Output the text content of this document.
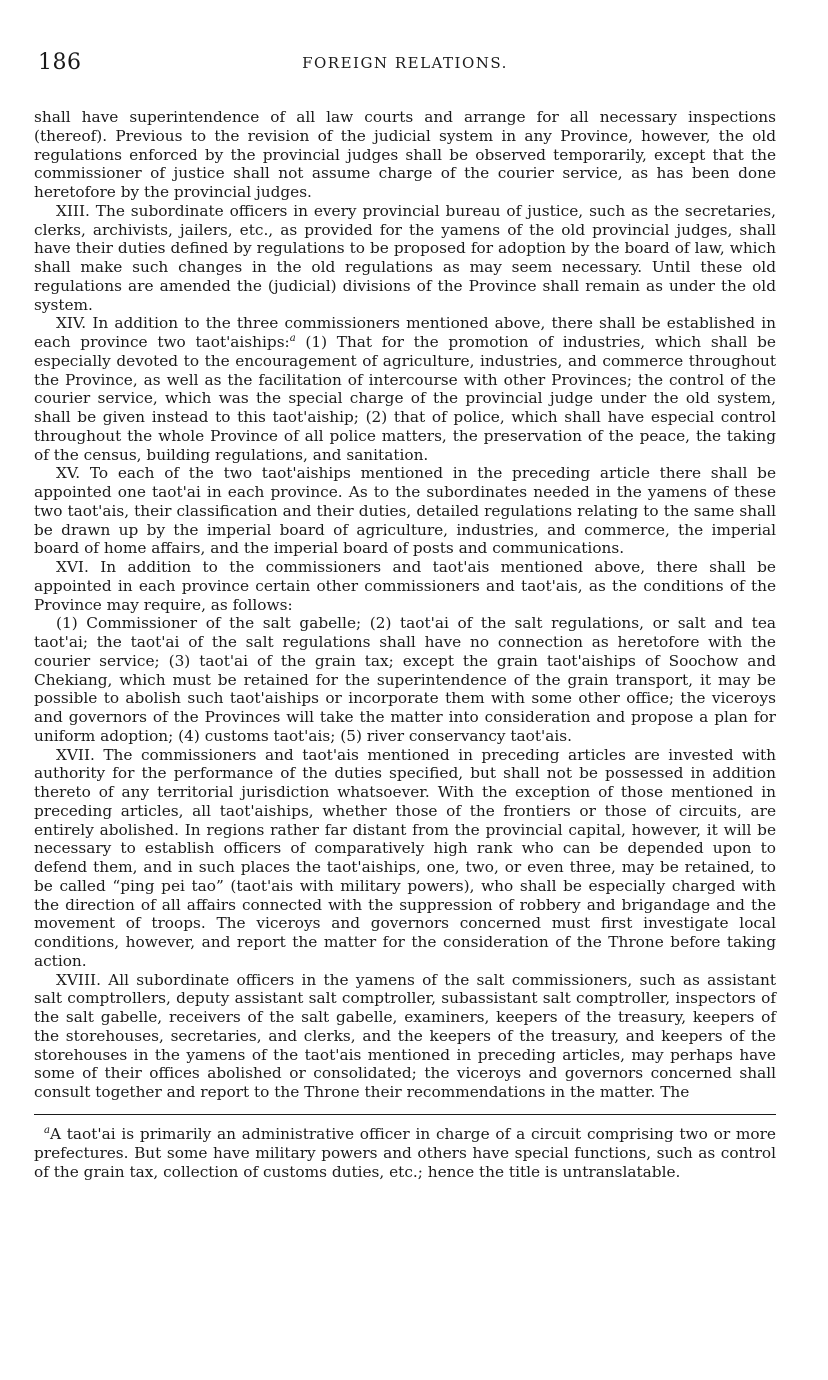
186	FOREIGN RELATIONS.

shall have superintendence of all law courts and arrange for all necessary inspections (thereof). Previous to the revision of the judicial system in any Province, however, the old regulations enforced by the provincial judges shall be observed temporarily, except that the commissioner of justice shall not assume charge of the courier service, as has been done heretofore by the provincial judges.

XIII. The subordinate officers in every provincial bureau of justice, such as the secretaries, clerks, archivists, jailers, etc., as provided for the yamens of the old provincial judges, shall have their duties defined by regulations to be proposed for adoption by the board of law, which shall make such changes in the old regulations as may seem necessary. Until these old regulations are amended the (judicial) divisions of the Province shall remain as under the old system.

XIV. In addition to the three commissioners mentioned above, there shall be established in each province two taot'aiships:$^a$ (1) That for the promotion of industries, which shall be especially devoted to the encouragement of agriculture, industries, and commerce throughout the Province, as well as the facilitation of intercourse with other Provinces; the control of the courier service, which was the special charge of the provincial judge under the old system, shall be given instead to this taot'aiship; (2) that of police, which shall have especial control throughout the whole Province of all police matters, the preservation of the peace, the taking of the census, building regulations, and sanitation.

XV. To each of the two taot'aiships mentioned in the preceding article there shall be appointed one taot'ai in each province. As to the subordinates needed in the yamens of these two taot'ais, their classification and their duties, detailed regulations relating to the same shall be drawn up by the imperial board of agriculture, industries, and commerce, the imperial board of home affairs, and the imperial board of posts and communications.

XVI. In addition to the commissioners and taot'ais mentioned above, there shall be appointed in each province certain other commissioners and taot'ais, as the conditions of the Province may require, as follows:

(1) Commissioner of the salt gabelle; (2) taot'ai of the salt regulations, or salt and tea taot'ai; the taot'ai of the salt regulations shall have no connection as heretofore with the courier service; (3) taot'ai of the grain tax; except the grain taot'aiships of Soochow and Chekiang, which must be retained for the superintendence of the grain transport, it may be possible to abolish such taot'aiships or incorporate them with some other office; the viceroys and governors of the Provinces will take the matter into consideration and propose a plan for uniform adoption; (4) customs taot'ais; (5) river conservancy taot'ais.

XVII. The commissioners and taot'ais mentioned in preceding articles are invested with authority for the performance of the duties specified, but shall not be possessed in addition thereto of any territorial jurisdiction whatsoever. With the exception of those mentioned in preceding articles, all taot'aiships, whether those of the frontiers or those of circuits, are entirely abolished. In regions rather far distant from the provincial capital, however, it will be necessary to establish officers of comparatively high rank who can be depended upon to defend them, and in such places the taot'aiships, one, two, or even three, may be retained, to be called “ping pei tao” (taot'ais with military powers), who shall be especially charged with the direction of all affairs connected with the suppression of robbery and brigandage and the movement of troops. The viceroys and governors concerned must first investigate local conditions, however, and report the matter for the consideration of the Throne before taking action.

XVIII. All subordinate officers in the yamens of the salt commissioners, such as assistant salt comptrollers, deputy assistant salt comptroller, subassistant salt comptroller, inspectors of the salt gabelle, receivers of the salt gabelle, examiners, keepers of the treasury, keepers of the storehouses, secretaries, and clerks, and the keepers of the treasury, and keepers of the storehouses in the yamens of the taot'ais mentioned in preceding articles, may perhaps have some of their offices abolished or consolidated; the viceroys and governors concerned shall consult together and report to the Throne their recommendations in the matter. The

$^a$A taot'ai is primarily an administrative officer in charge of a circuit comprising two or more prefectures. But some have military powers and others have special functions, such as control of the grain tax, collection of customs duties, etc.; hence the title is untranslatable.
